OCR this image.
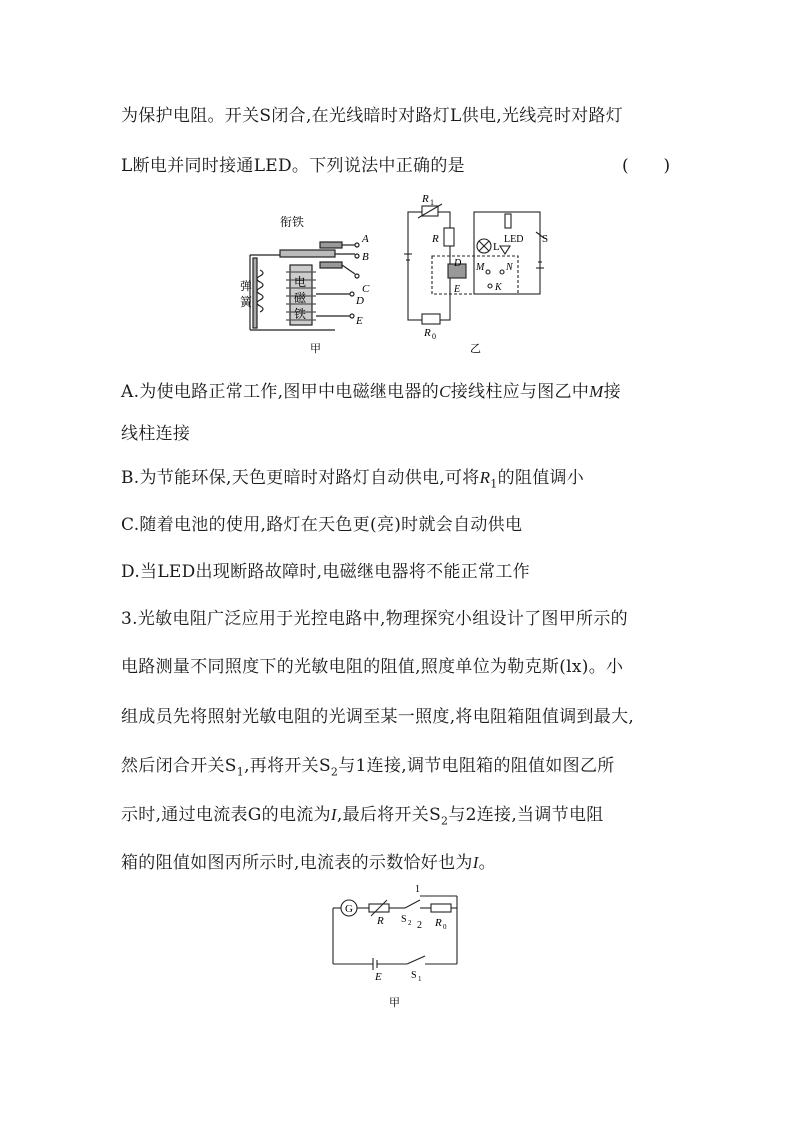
为保护电阻。开关S闭合,在光线暗时对路灯L供电,光线亮时对路灯
L断电并同时接通LED。下列说法中正确的是	(　　)
衔铁
弹
簧
电
磁
铁
A
B
C
D
E
甲
R 1
R
L
LED S
D M N
E	K
R 0
乙
A.为使电路正常工作,图甲中电磁继电器的C接线柱应与图乙中M接
线柱连接
B.为节能环保,天色更暗时对路灯自动供电,可将$R_1$的阻值调小
C.随着电池的使用,路灯在天色更(亮)时就会自动供电
D.当LED出现断路故障时,电磁继电器将不能正常工作
3.光敏电阻广泛应用于光控电路中,物理探究小组设计了图甲所示的
电路测量不同照度下的光敏电阻的阻值,照度单位为勒克斯(lx)。小
组成员先将照射光敏电阻的光调至某一照度,将电阻箱阻值调到最大,
然后闭合开关$S_1$,再将开关$S_2$与1连接,调节电阻箱的阻值如图乙所
示时,通过电流表G的电流为I,最后将开关$S_2$与2连接,当调节电阻
箱的阻值如图丙所示时,电流表的示数恰好也为I。
G
R S 2
1
2 R 0
E	S 1
甲
